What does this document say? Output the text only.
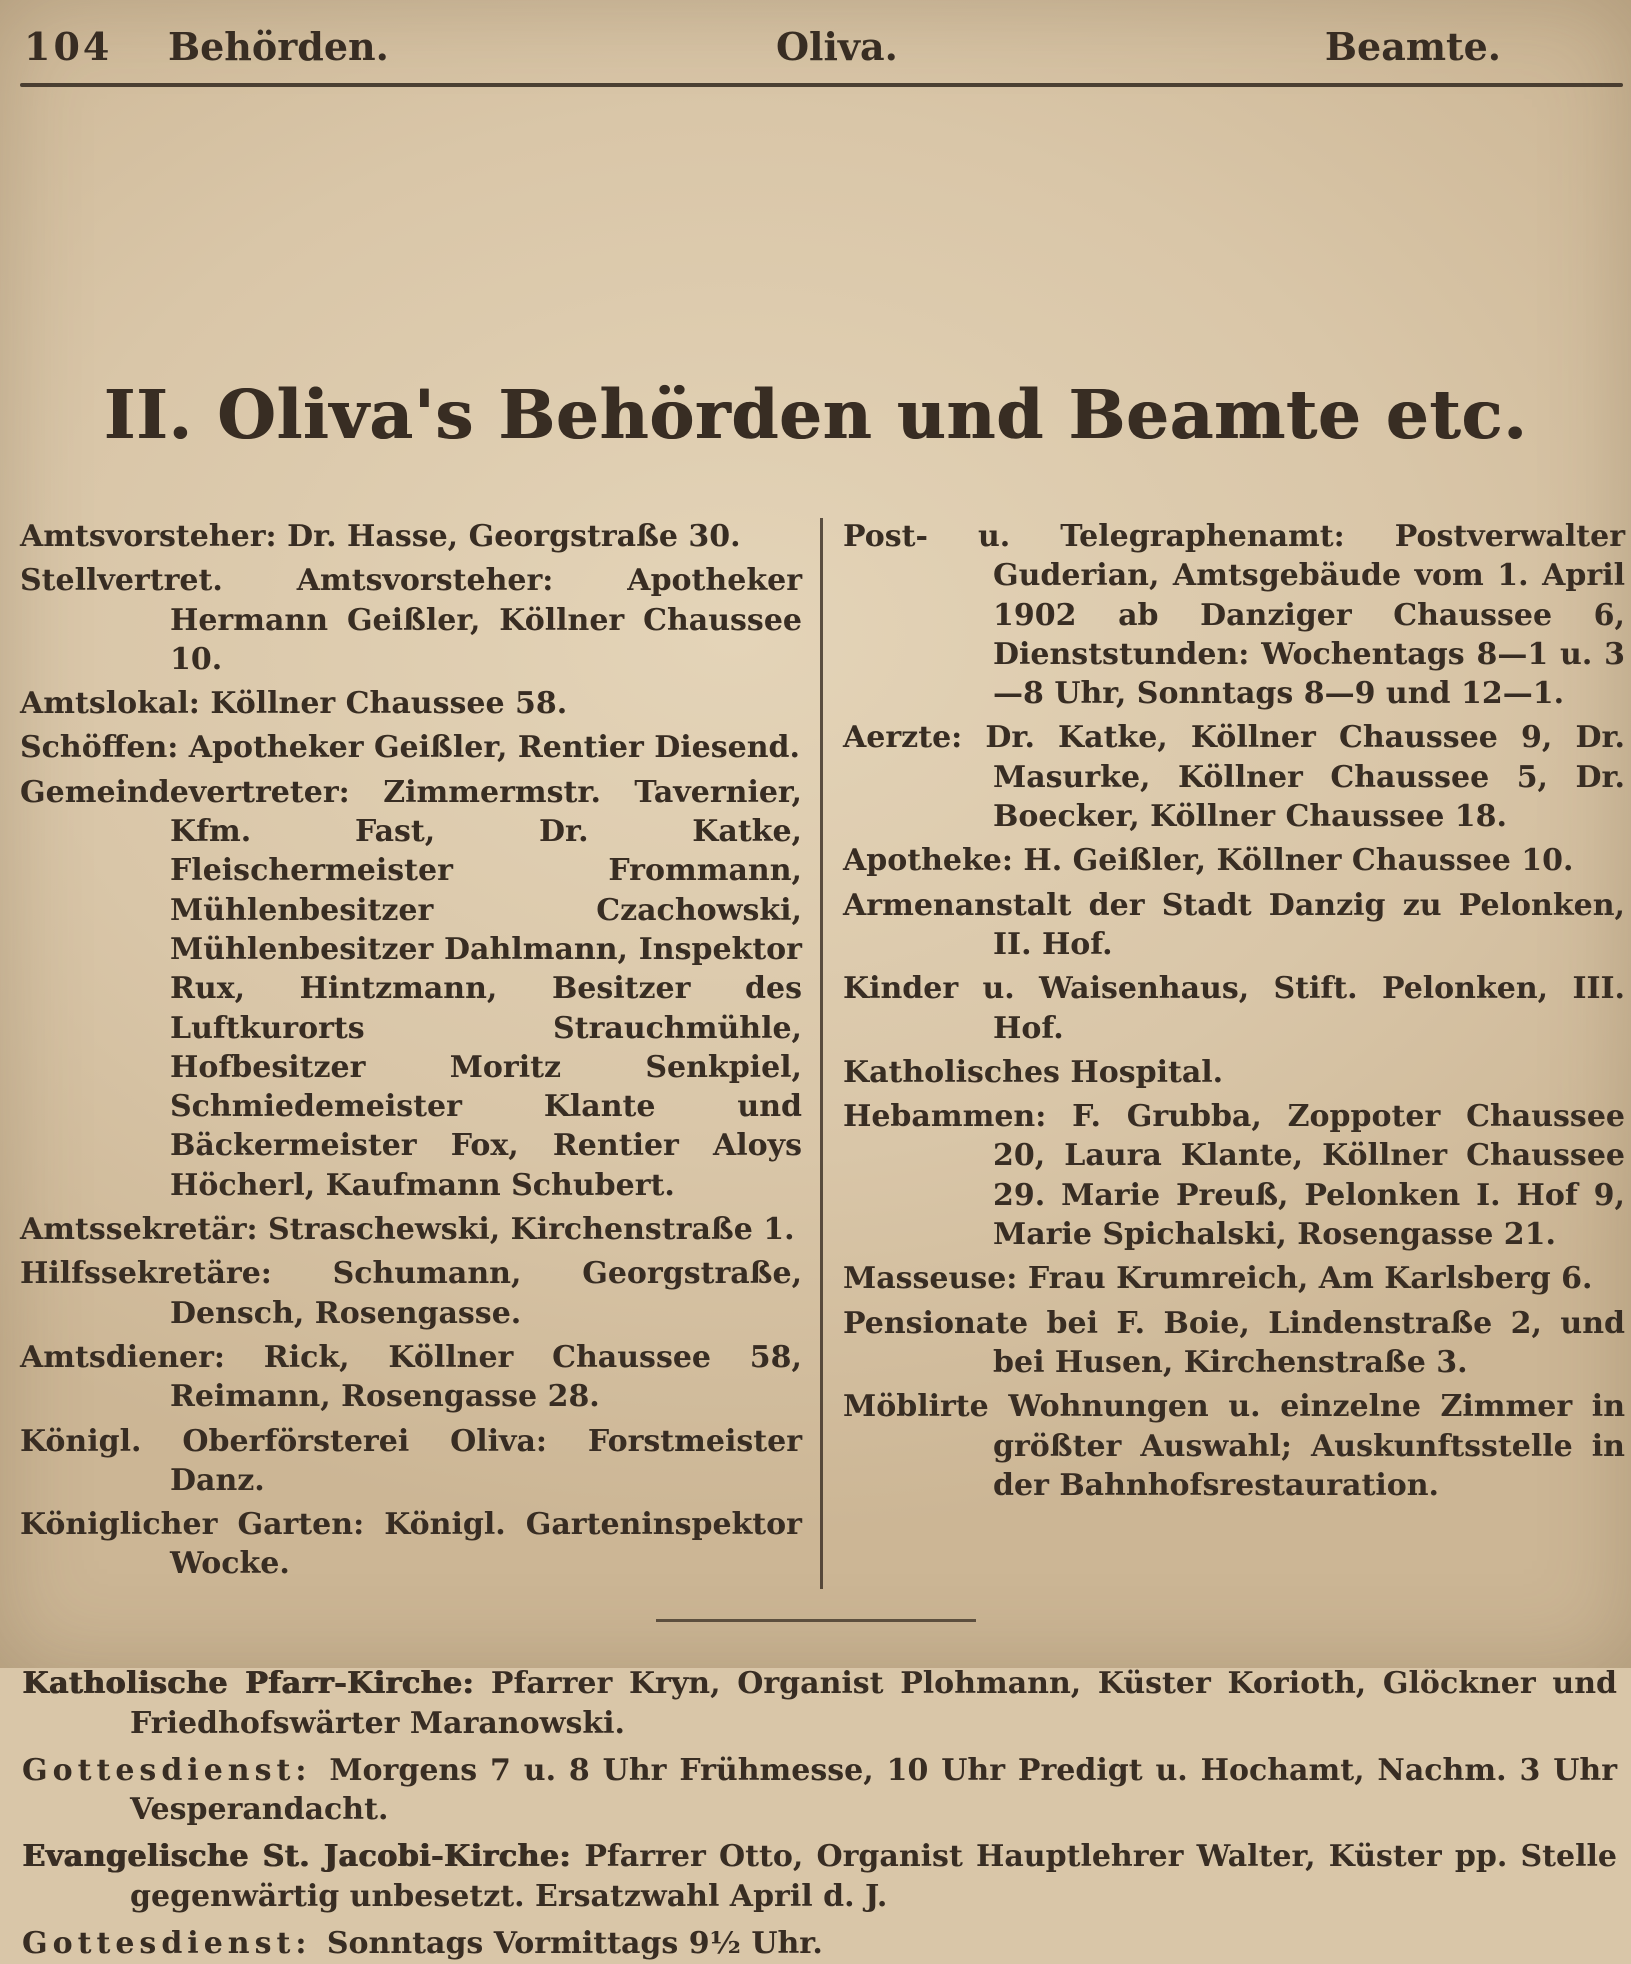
104	Behörden.	Oliva.	Beamte.
II. Oliva's Behörden und Beamte etc.

Amtsvorsteher: Dr. Hasse, Georgstraße 30.

Stellvertret. Amtsvorsteher: Apotheker Hermann Geißler, Köllner Chaussee 10.

Amtslokal: Köllner Chaussee 58.

Schöffen: Apotheker Geißler, Rentier Diesend.

Gemeindevertreter: Zimmermstr. Tavernier, Kfm. Fast, Dr. Katke, Fleischermeister Frommann, Mühlenbesitzer Czachowski, Mühlenbesitzer Dahlmann, Inspektor Rux, Hintzmann, Besitzer des Luftkurorts Strauchmühle, Hofbesitzer Moritz Senkpiel, Schmiedemeister Klante und Bäckermeister Fox, Rentier Aloys Höcherl, Kaufmann Schubert.

Amtssekretär: Straschewski, Kirchenstraße 1.

Hilfssekretäre: Schumann, Georgstraße, Densch, Rosengasse.

Amtsdiener: Rick, Köllner Chaussee 58, Reimann, Rosengasse 28.

Königl. Oberförsterei Oliva: Forstmeister Danz.

Königlicher Garten: Königl. Garteninspektor Wocke.

Post- u. Telegraphenamt: Postverwalter Guderian, Amtsgebäude vom 1. April 1902 ab Danziger Chaussee 6, Dienststunden: Wochentags 8—1 u. 3—8 Uhr, Sonntags 8—9 und 12—1.

Aerzte: Dr. Katke, Köllner Chaussee 9, Dr. Masurke, Köllner Chaussee 5, Dr. Boecker, Köllner Chaussee 18.

Apotheke: H. Geißler, Köllner Chaussee 10.

Armenanstalt der Stadt Danzig zu Pelonken, II. Hof.

Kinder u. Waisenhaus, Stift. Pelonken, III. Hof.

Katholisches Hospital.

Hebammen: F. Grubba, Zoppoter Chaussee 20, Laura Klante, Köllner Chaussee 29. Marie Preuß, Pelonken I. Hof 9, Marie Spichalski, Rosengasse 21.

Masseuse: Frau Krumreich, Am Karlsberg 6.

Pensionate bei F. Boie, Lindenstraße 2, und bei Husen, Kirchenstraße 3.

Möblirte Wohnungen u. einzelne Zimmer in größter Auswahl; Auskunftsstelle in der Bahnhofsrestauration.

Katholische Pfarr-Kirche: Pfarrer Kryn, Organist Plohmann, Küster Korioth, Glöckner und Friedhofswärter Maranowski.

Gottesdienst: Morgens 7 u. 8 Uhr Frühmesse, 10 Uhr Predigt u. Hochamt, Nachm. 3 Uhr Vesperandacht.

Evangelische St. Jacobi-Kirche: Pfarrer Otto, Organist Hauptlehrer Walter, Küster pp. Stelle gegenwärtig unbesetzt. Ersatzwahl April d. J.

Gottesdienst: Sonntags Vormittags 9½ Uhr.
